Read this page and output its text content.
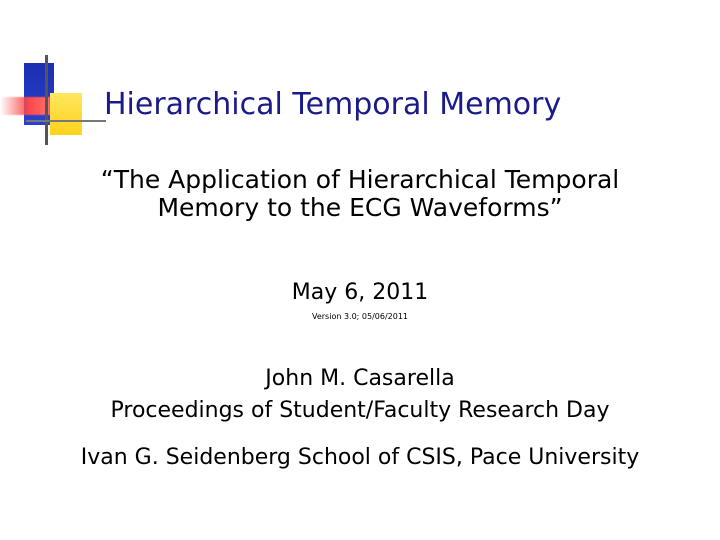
Hierarchical Temporal Memory
“The Application of Hierarchical Temporal
Memory to the ECG Waveforms”
May 6, 2011
Version 3.0; 05/06/2011
John M. Casarella
Proceedings of Student/Faculty Research Day
Ivan G. Seidenberg School of CSIS, Pace University
